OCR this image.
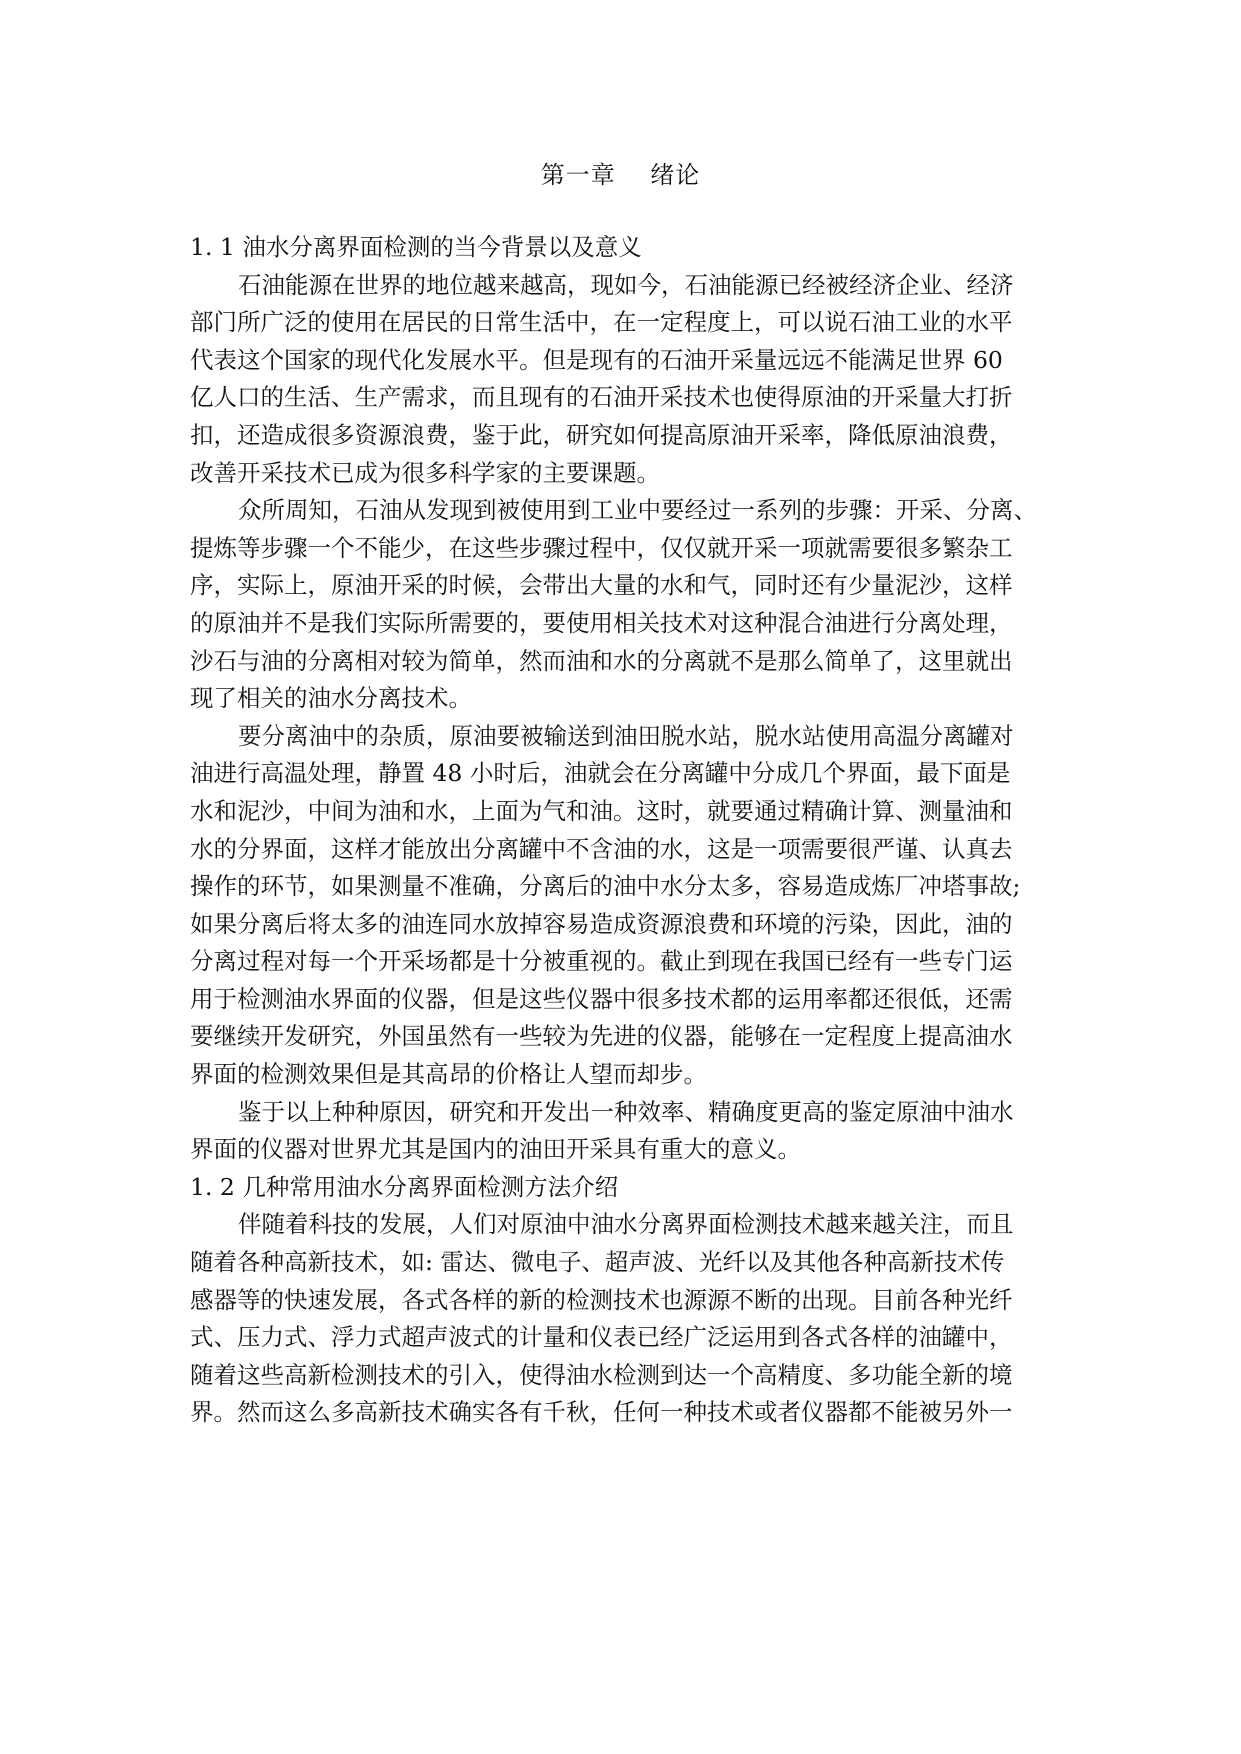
第一章    绪论
1. 1 油水分离界面检测的当今背景以及意义
石油能源在世界的地位越来越高，现如今，石油能源已经被经济企业、经济
部门所广泛的使用在居民的日常生活中，在一定程度上，可以说石油工业的水平
代表这个国家的现代化发展水平。但是现有的石油开采量远远不能满足世界 60
亿人口的生活、生产需求，而且现有的石油开采技术也使得原油的开采量大打折
扣，还造成很多资源浪费，鉴于此，研究如何提高原油开采率，降低原油浪费，
改善开采技术已成为很多科学家的主要课题。
众所周知，石油从发现到被使用到工业中要经过一系列的步骤：开采、分离、
提炼等步骤一个不能少，在这些步骤过程中，仅仅就开采一项就需要很多繁杂工
序，实际上，原油开采的时候，会带出大量的水和气，同时还有少量泥沙，这样
的原油并不是我们实际所需要的，要使用相关技术对这种混合油进行分离处理，
沙石与油的分离相对较为简单，然而油和水的分离就不是那么简单了，这里就出
现了相关的油水分离技术。
要分离油中的杂质，原油要被输送到油田脱水站，脱水站使用高温分离罐对
油进行高温处理，静置 48 小时后，油就会在分离罐中分成几个界面，最下面是
水和泥沙，中间为油和水，上面为气和油。这时，就要通过精确计算、测量油和
水的分界面，这样才能放出分离罐中不含油的水，这是一项需要很严谨、认真去
操作的环节，如果测量不准确，分离后的油中水分太多，容易造成炼厂冲塔事故;
如果分离后将太多的油连同水放掉容易造成资源浪费和环境的污染，因此，油的
分离过程对每一个开采场都是十分被重视的。截止到现在我国已经有一些专门运
用于检测油水界面的仪器，但是这些仪器中很多技术都的运用率都还很低，还需
要继续开发研究，外国虽然有一些较为先进的仪器，能够在一定程度上提高油水
界面的检测效果但是其高昂的价格让人望而却步。
鉴于以上种种原因，研究和开发出一种效率、精确度更高的鉴定原油中油水
界面的仪器对世界尤其是国内的油田开采具有重大的意义。
1. 2 几种常用油水分离界面检测方法介绍
伴随着科技的发展，人们对原油中油水分离界面检测技术越来越关注，而且
随着各种高新技术，如: 雷达、微电子、超声波、光纤以及其他各种高新技术传
感器等的快速发展，各式各样的新的检测技术也源源不断的出现。目前各种光纤
式、压力式、浮力式超声波式的计量和仪表已经广泛运用到各式各样的油罐中，
随着这些高新检测技术的引入，使得油水检测到达一个高精度、多功能全新的境
界。然而这么多高新技术确实各有千秋，任何一种技术或者仪器都不能被另外一
